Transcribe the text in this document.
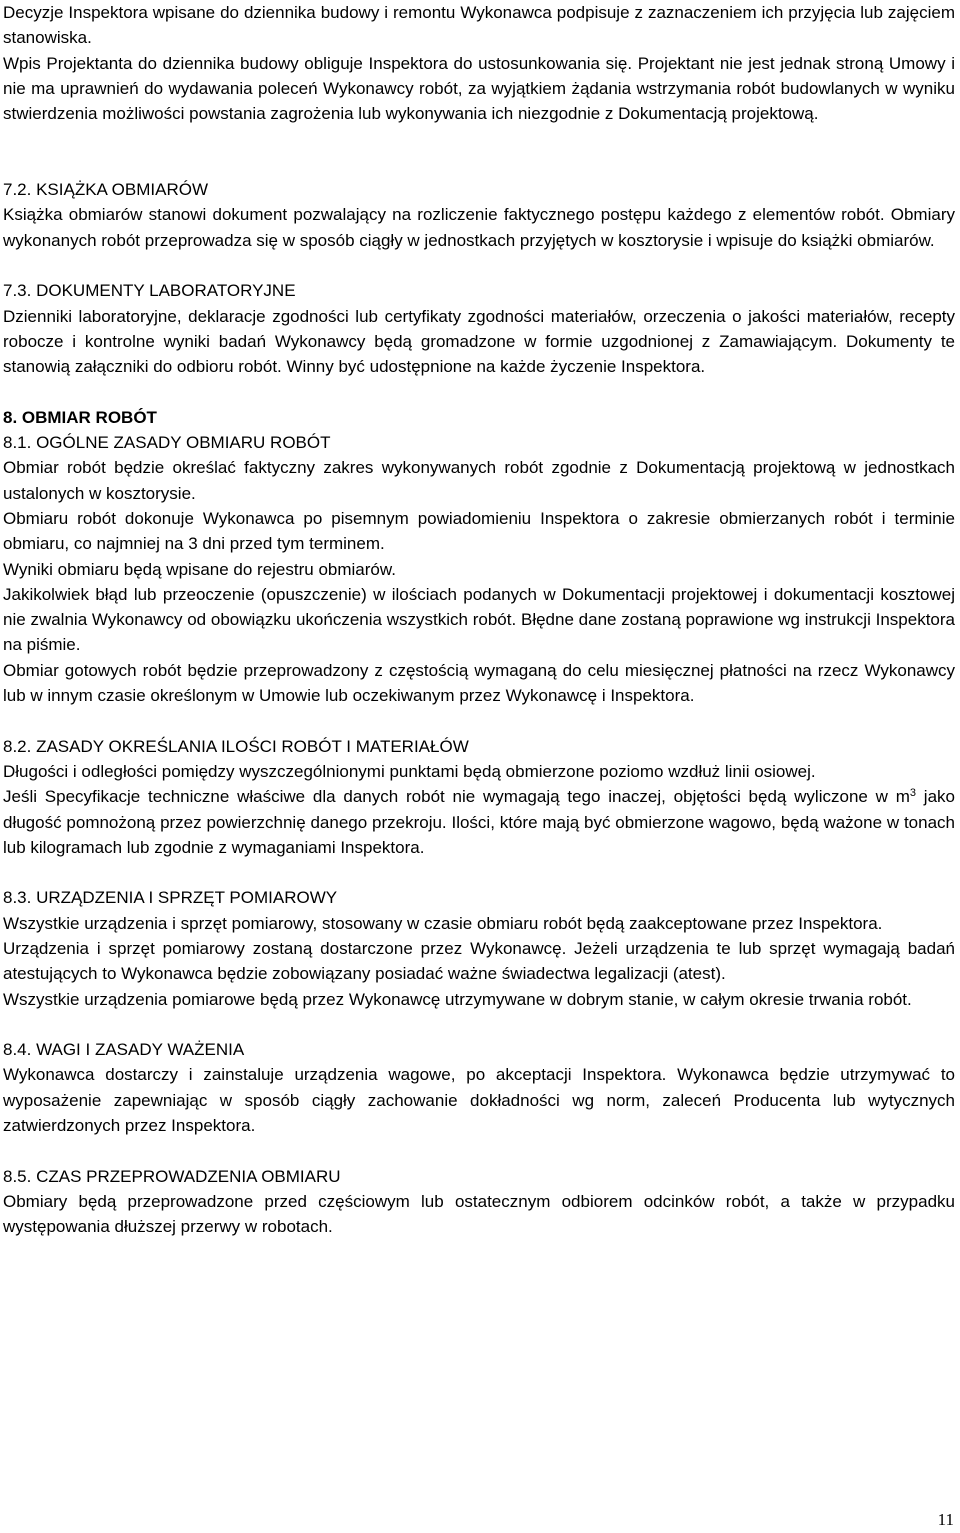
Decyzje Inspektora wpisane do dziennika budowy i remontu Wykonawca podpisuje z zaznaczeniem ich przyjęcia lub zajęciem stanowiska.

Wpis Projektanta do dziennika budowy obliguje Inspektora do ustosunkowania się. Projektant nie jest jednak stroną Umowy i nie ma uprawnień do wydawania poleceń Wykonawcy robót, za wyjątkiem żądania wstrzymania robót budowlanych w wyniku stwierdzenia możliwości powstania zagrożenia lub wykonywania ich niezgodnie z Dokumentacją projektową.

7.2. KSIĄŻKA OBMIARÓW

Książka obmiarów stanowi dokument pozwalający na rozliczenie faktycznego postępu każdego z elementów robót. Obmiary wykonanych robót przeprowadza się w sposób ciągły w jednostkach przyjętych w kosztorysie i wpisuje do książki obmiarów.

7.3. DOKUMENTY LABORATORYJNE

Dzienniki laboratoryjne, deklaracje zgodności lub certyfikaty zgodności materiałów, orzeczenia o jakości materiałów, recepty robocze i kontrolne wyniki badań Wykonawcy będą gromadzone w formie uzgodnionej z Zamawiającym. Dokumenty te stanowią załączniki do odbioru robót. Winny być udostępnione na każde życzenie Inspektora.

8. OBMIAR ROBÓT

8.1. OGÓLNE ZASADY OBMIARU ROBÓT

Obmiar robót będzie określać faktyczny zakres wykonywanych robót zgodnie z Dokumentacją projektową w jednostkach ustalonych w kosztorysie.

Obmiaru robót dokonuje Wykonawca po pisemnym powiadomieniu Inspektora o zakresie obmierzanych robót i terminie obmiaru, co najmniej na 3 dni przed tym terminem.

Wyniki obmiaru będą wpisane do rejestru obmiarów.

Jakikolwiek błąd lub przeoczenie (opuszczenie) w ilościach podanych w Dokumentacji projektowej i dokumentacji kosztowej nie zwalnia Wykonawcy od obowiązku ukończenia wszystkich robót. Błędne dane zostaną poprawione wg instrukcji Inspektora na piśmie.

Obmiar gotowych robót będzie przeprowadzony z częstością wymaganą do celu miesięcznej płatności na rzecz Wykonawcy lub w innym czasie określonym w Umowie lub oczekiwanym przez Wykonawcę i Inspektora.

8.2. ZASADY OKREŚLANIA ILOŚCI ROBÓT I MATERIAŁÓW

Długości i odległości pomiędzy wyszczególnionymi punktami będą obmierzone poziomo wzdłuż linii osiowej.

Jeśli Specyfikacje techniczne właściwe dla danych robót nie wymagają tego inaczej, objętości będą wyliczone w $m^3$ jako długość pomnożoną przez powierzchnię danego przekroju. Ilości, które mają być obmierzone wagowo, będą ważone w tonach lub kilogramach lub zgodnie z wymaganiami Inspektora.

8.3. URZĄDZENIA I SPRZĘT POMIAROWY

Wszystkie urządzenia i sprzęt pomiarowy, stosowany w czasie obmiaru robót będą zaakceptowane przez Inspektora.

Urządzenia i sprzęt pomiarowy zostaną dostarczone przez Wykonawcę. Jeżeli urządzenia te lub sprzęt wymagają badań atestujących to Wykonawca będzie zobowiązany posiadać ważne świadectwa legalizacji (atest).

Wszystkie urządzenia pomiarowe będą przez Wykonawcę utrzymywane w dobrym stanie, w całym okresie trwania robót.

8.4. WAGI I ZASADY WAŻENIA

Wykonawca dostarczy i zainstaluje urządzenia wagowe, po akceptacji Inspektora. Wykonawca będzie utrzymywać to wyposażenie zapewniając w sposób ciągły zachowanie dokładności wg norm, zaleceń Producenta lub wytycznych zatwierdzonych przez Inspektora.

8.5. CZAS PRZEPROWADZENIA OBMIARU

Obmiary będą przeprowadzone przed częściowym lub ostatecznym odbiorem odcinków robót, a także w przypadku występowania dłuższej przerwy w robotach.

11
